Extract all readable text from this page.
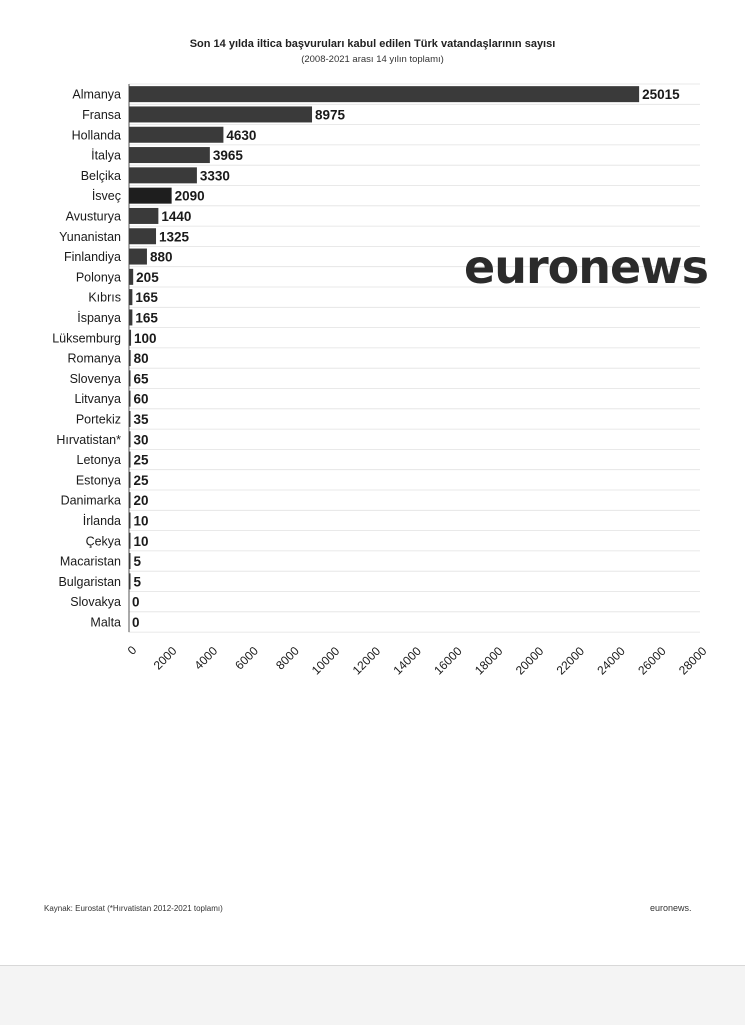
Son 14 yılda iltica başvuruları kabul edilen Türk vatandaşlarının sayısı
(2008-2021 arası 14 yılın toplamı)
Almanya	25015
Fransa	8975
Hollanda	4630
İtalya	3965
Belçika	3330
İsveç	2090
Avusturya	1440
Yunanistan	1325
Finlandiya 880
Polonya 205
Kıbrıs 165
İspanya 165
Lüksemburg 100
Romanya 80
Slovenya 65
Litvanya 60
Portekiz 35
Hırvatistan* 30
Letonya 25
Estonya 25
Danimarka 20
İrlanda 10
Çekya 10
Macaristan 5
Bulgaristan 5
Slovakya 0
Malta 0
0 2000 4000 6000 8000 10000 12000 14000 16000 18000 20000 22000 24000 26000 28000
euronews
Kaynak: Eurostat (*Hırvatistan 2012-2021 toplamı)	euronews.
